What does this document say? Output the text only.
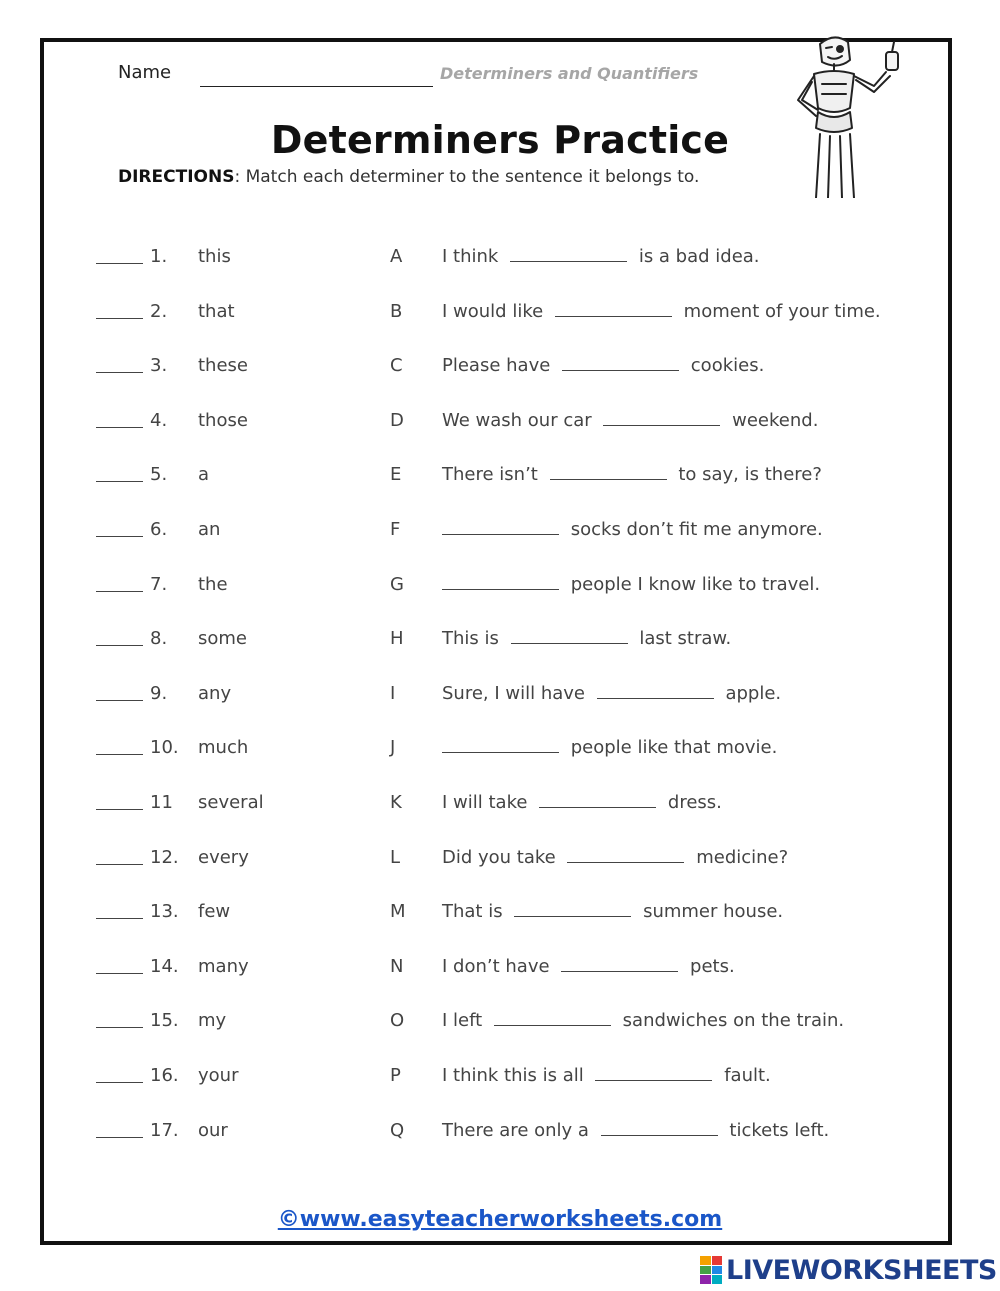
Name	Determiners and Quantifiers
Determiners Practice
DIRECTIONS: Match each determiner to the sentence it belongs to.
1. this	A I think	is a bad idea.
2. that	B I would like	moment of your time.
3. these	C Please have	cookies.
4. those	D We wash our car	weekend.
5. a	E There isn’t	to say, is there?
6. an	F	socks don’t fit me anymore.
7. the	G	people I know like to travel.
8. some	H This is	last straw.
9. any	I	Sure, I will have	apple.
10. much	J	people like that movie.
11 several	K I will take	dress.
12. every	L Did you take	medicine?
13. few	M That is	summer house.
14. many	N I don’t have	pets.
15. my	O I left	sandwiches on the train.
16. your	P I think this is all	fault.
17. our	Q There are only a	tickets left.
©www.easyteacherworksheets.com
LIVEWORKSHEETS
